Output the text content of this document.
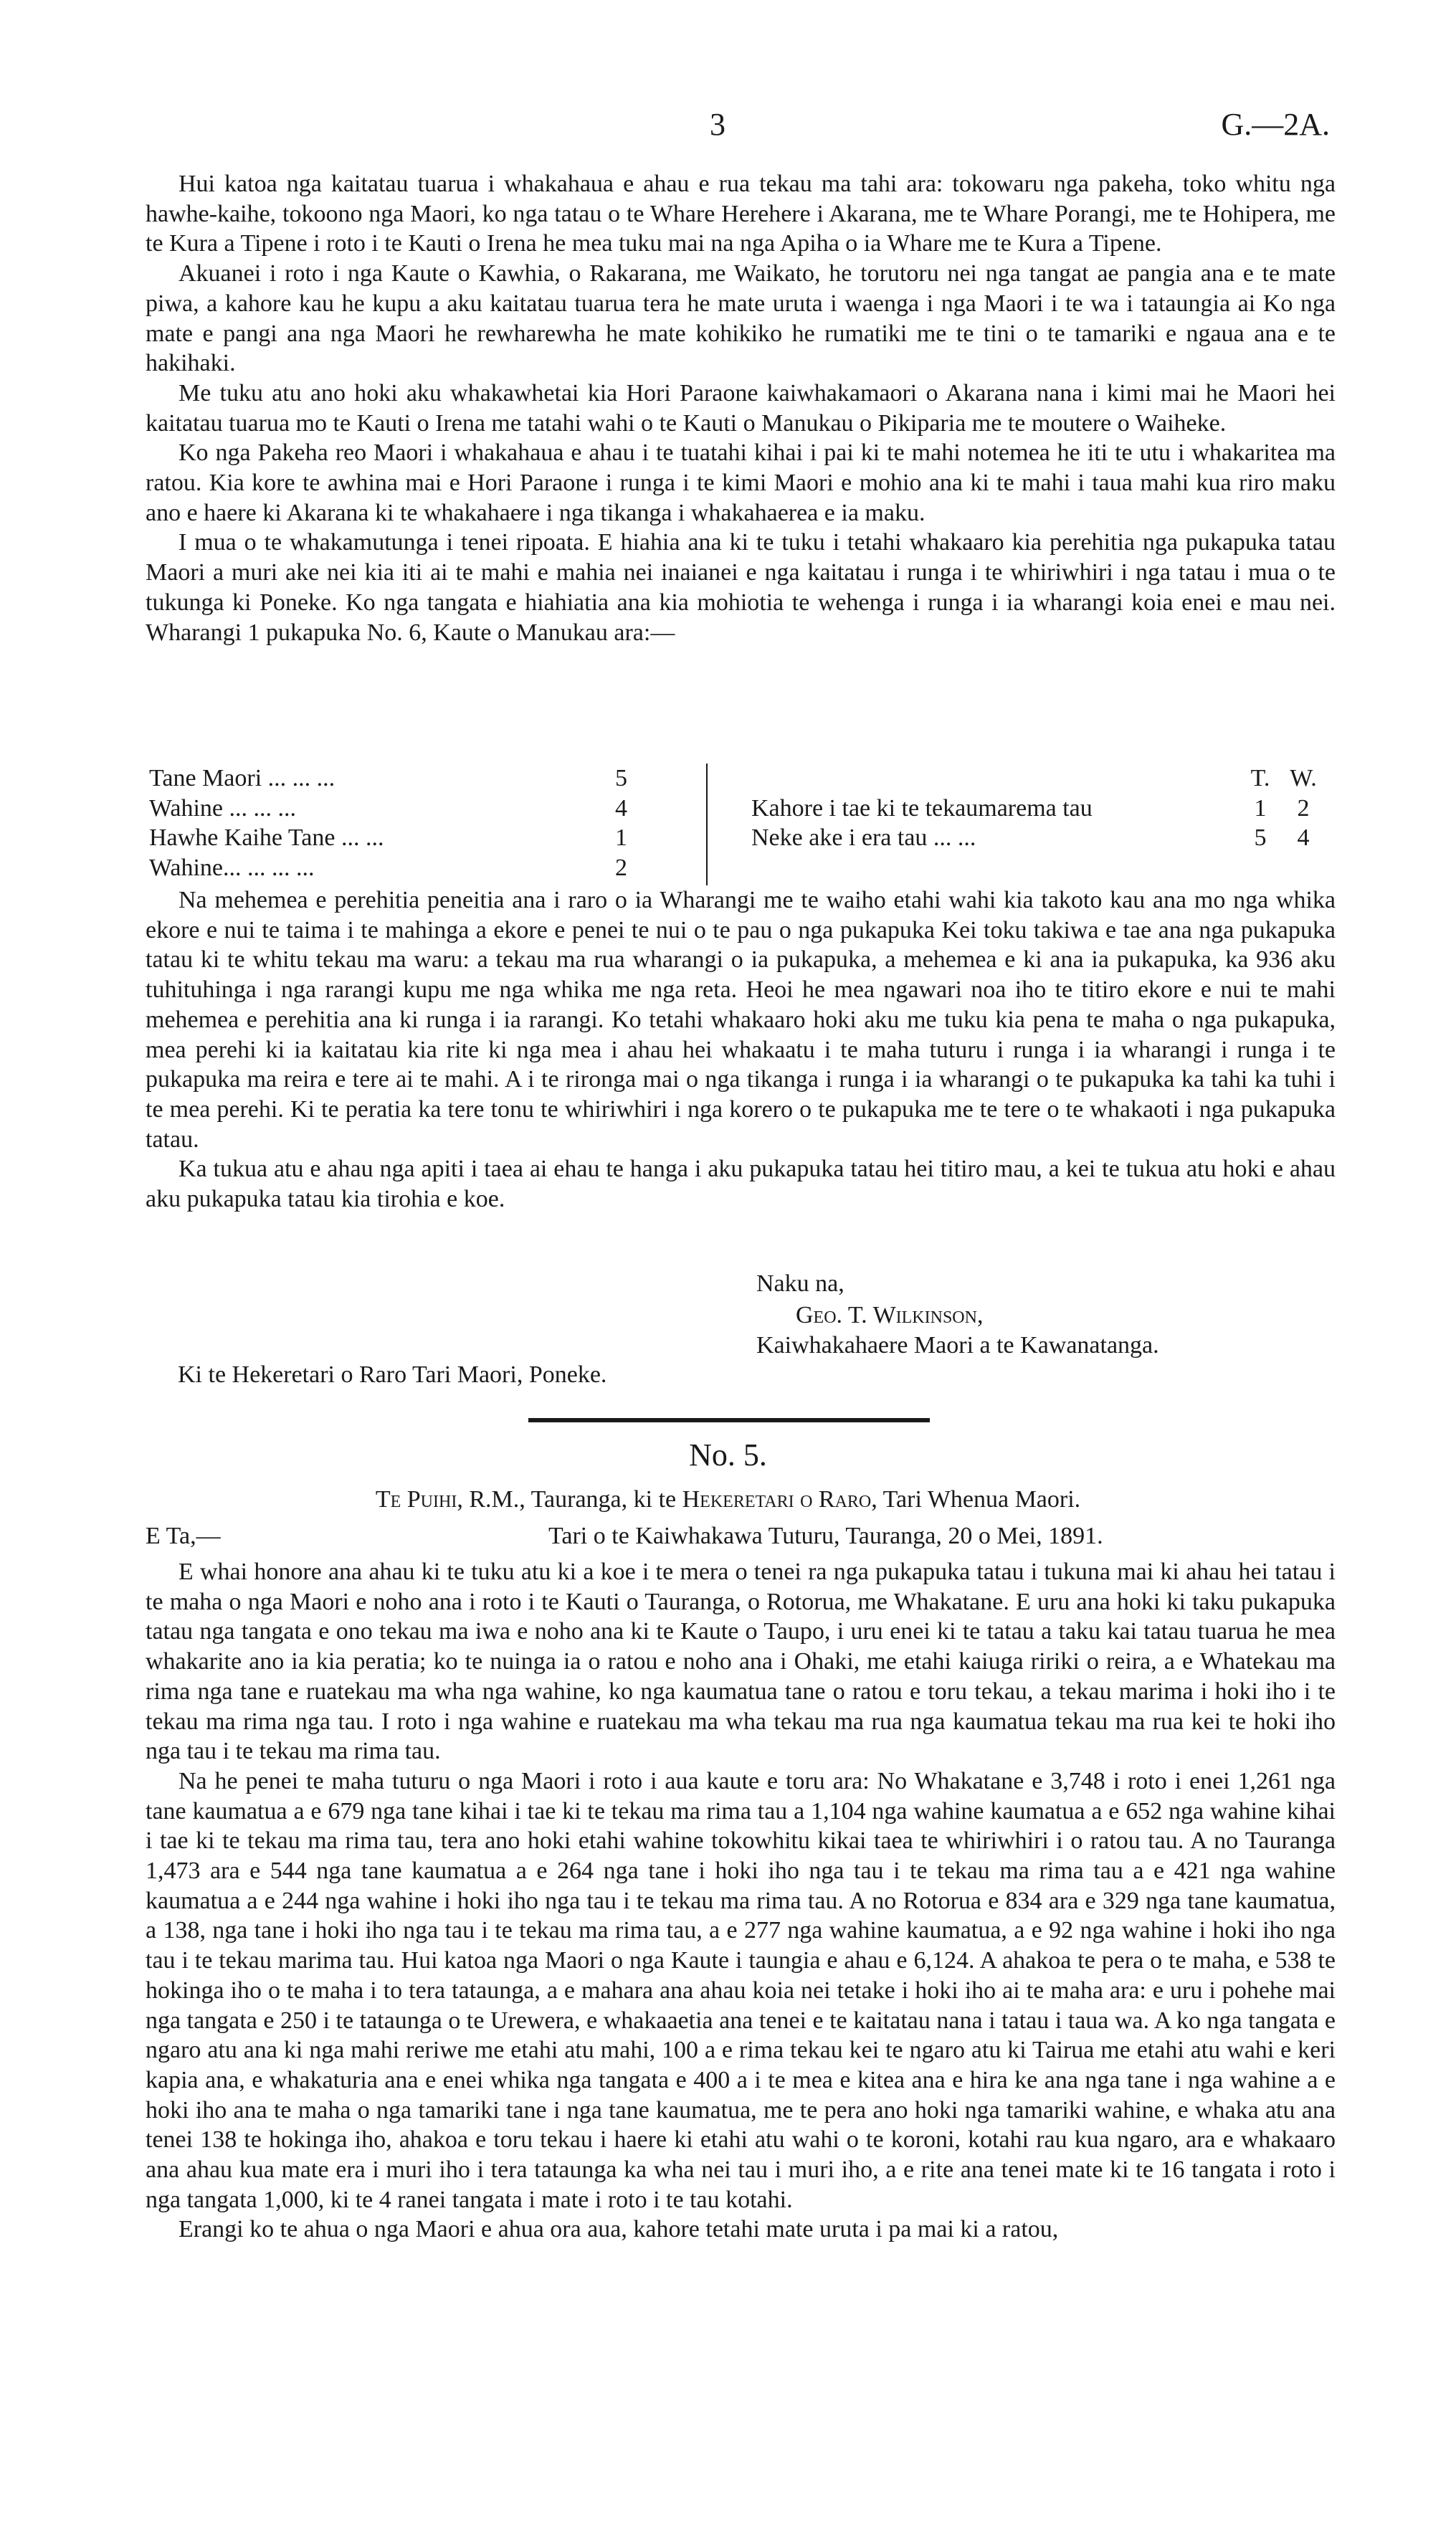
3	G.—2A.

Hui katoa nga kaitatau tuarua i whakahaua e ahau e rua tekau ma tahi ara: tokowaru nga pakeha, toko whitu nga hawhe-kaihe, tokoono nga Maori, ko nga tatau o te Whare Herehere i Akarana, me te Whare Porangi, me te Hohipera, me te Kura a Tipene i roto i te Kauti o Irena he mea tuku mai na nga Apiha o ia Whare me te Kura a Tipene.

Akuanei i roto i nga Kaute o Kawhia, o Rakarana, me Waikato, he torutoru nei nga tangat ae pangia ana e te mate piwa, a kahore kau he kupu a aku kaitatau tuarua tera he mate uruta i waenga i nga Maori i te wa i tataungia ai Ko nga mate e pangi ana nga Maori he rewharewha he mate kohikiko he rumatiki me te tini o te tamariki e ngaua ana e te hakihaki.

Me tuku atu ano hoki aku whakawhetai kia Hori Paraone kaiwhakamaori o Akarana nana i kimi mai he Maori hei kaitatau tuarua mo te Kauti o Irena me tatahi wahi o te Kauti o Manukau o Pikiparia me te moutere o Waiheke.

Ko nga Pakeha reo Maori i whakahaua e ahau i te tuatahi kihai i pai ki te mahi notemea he iti te utu i whakaritea ma ratou. Kia kore te awhina mai e Hori Paraone i runga i te kimi Maori e mohio ana ki te mahi i taua mahi kua riro maku ano e haere ki Akarana ki te whakahaere i nga tikanga i whakahaerea e ia maku.

I mua o te whakamutunga i tenei ripoata. E hiahia ana ki te tuku i tetahi whakaaro kia perehitia nga pukapuka tatau Maori a muri ake nei kia iti ai te mahi e mahia nei inaianei e nga kaitatau i runga i te whiriwhiri i nga tatau i mua o te tukunga ki Poneke. Ko nga tangata e hiahiatia ana kia mohiotia te wehenga i runga i ia wharangi koia enei e mau nei. Wharangi 1 pukapuka No. 6, Kaute o Manukau ara:—

Tane Maori ... ... ...	5
Wahine ... ... ...	4
Hawhe Kaihe Tane ... ...	1
Wahine... ... ... ...	2
T. W.
Kahore i tae ki te tekaumarema tau	1	2
Neke ake i era tau ... ...	5	4

Na mehemea e perehitia peneitia ana i raro o ia Wharangi me te waiho etahi wahi kia takoto kau ana mo nga whika ekore e nui te taima i te mahinga a ekore e penei te nui o te pau o nga pukapuka Kei toku takiwa e tae ana nga pukapuka tatau ki te whitu tekau ma waru: a tekau ma rua wharangi o ia pukapuka, a mehemea e ki ana ia pukapuka, ka 936 aku tuhituhinga i nga rarangi kupu me nga whika me nga reta. Heoi he mea ngawari noa iho te titiro ekore e nui te mahi mehemea e perehitia ana ki runga i ia rarangi. Ko tetahi whakaaro hoki aku me tuku kia pena te maha o nga pukapuka, mea perehi ki ia kaitatau kia rite ki nga mea i ahau hei whakaatu i te maha tuturu i runga i ia wharangi i runga i te pukapuka ma reira e tere ai te mahi. A i te rironga mai o nga tikanga i runga i ia wharangi o te pukapuka ka tahi ka tuhi i te mea perehi. Ki te peratia ka tere tonu te whiriwhiri i nga korero o te pukapuka me te tere o te whakaoti i nga pukapuka tatau.

Ka tukua atu e ahau nga apiti i taea ai ehau te hanga i aku pukapuka tatau hei titiro mau, a kei te tukua atu hoki e ahau aku pukapuka tatau kia tirohia e koe.

Naku na,
Geo. T. Wilkinson,
Kaiwhakahaere Maori a te Kawanatanga.
Ki te Hekeretari o Raro Tari Maori, Poneke.
No. 5.
Te Puihi, R.M., Tauranga, ki te Hekeretari o Raro, Tari Whenua Maori.
E Ta,—	Tari o te Kaiwhakawa Tuturu, Tauranga, 20 o Mei, 1891.

E whai honore ana ahau ki te tuku atu ki a koe i te mera o tenei ra nga pukapuka tatau i tukuna mai ki ahau hei tatau i te maha o nga Maori e noho ana i roto i te Kauti o Tauranga, o Rotorua, me Whakatane. E uru ana hoki ki taku pukapuka tatau nga tangata e ono tekau ma iwa e noho ana ki te Kaute o Taupo, i uru enei ki te tatau a taku kai tatau tuarua he mea whakarite ano ia kia peratia; ko te nuinga ia o ratou e noho ana i Ohaki, me etahi kaiuga ririki o reira, a e Whatekau ma rima nga tane e ruatekau ma wha nga wahine, ko nga kaumatua tane o ratou e toru tekau, a tekau marima i hoki iho i te tekau ma rima nga tau. I roto i nga wahine e ruatekau ma wha tekau ma rua nga kaumatua tekau ma rua kei te hoki iho nga tau i te tekau ma rima tau.

Na he penei te maha tuturu o nga Maori i roto i aua kaute e toru ara: No Whakatane e 3,748 i roto i enei 1,261 nga tane kaumatua a e 679 nga tane kihai i tae ki te tekau ma rima tau a 1,104 nga wahine kaumatua a e 652 nga wahine kihai i tae ki te tekau ma rima tau, tera ano hoki etahi wahine tokowhitu kikai taea te whiriwhiri i o ratou tau. A no Tauranga 1,473 ara e 544 nga tane kaumatua a e 264 nga tane i hoki iho nga tau i te tekau ma rima tau a e 421 nga wahine kaumatua a e 244 nga wahine i hoki iho nga tau i te tekau ma rima tau. A no Rotorua e 834 ara e 329 nga tane kaumatua, a 138, nga tane i hoki iho nga tau i te tekau ma rima tau, a e 277 nga wahine kaumatua, a e 92 nga wahine i hoki iho nga tau i te tekau marima tau. Hui katoa nga Maori o nga Kaute i taungia e ahau e 6,124. A ahakoa te pera o te maha, e 538 te hokinga iho o te maha i to tera tataunga, a e mahara ana ahau koia nei tetake i hoki iho ai te maha ara: e uru i pohehe mai nga tangata e 250 i te tataunga o te Urewera, e whakaaetia ana tenei e te kaitatau nana i tatau i taua wa. A ko nga tangata e ngaro atu ana ki nga mahi reriwe me etahi atu mahi, 100 a e rima tekau kei te ngaro atu ki Tairua me etahi atu wahi e keri kapia ana, e whakaturia ana e enei whika nga tangata e 400 a i te mea e kitea ana e hira ke ana nga tane i nga wahine a e hoki iho ana te maha o nga tamariki tane i nga tane kaumatua, me te pera ano hoki nga tamariki wahine, e whaka atu ana tenei 138 te hokinga iho, ahakoa e toru tekau i haere ki etahi atu wahi o te koroni, kotahi rau kua ngaro, ara e whakaaro ana ahau kua mate era i muri iho i tera tataunga ka wha nei tau i muri iho, a e rite ana tenei mate ki te 16 tangata i roto i nga tangata 1,000, ki te 4 ranei tangata i mate i roto i te tau kotahi.

Erangi ko te ahua o nga Maori e ahua ora aua, kahore tetahi mate uruta i pa mai ki a ratou,
